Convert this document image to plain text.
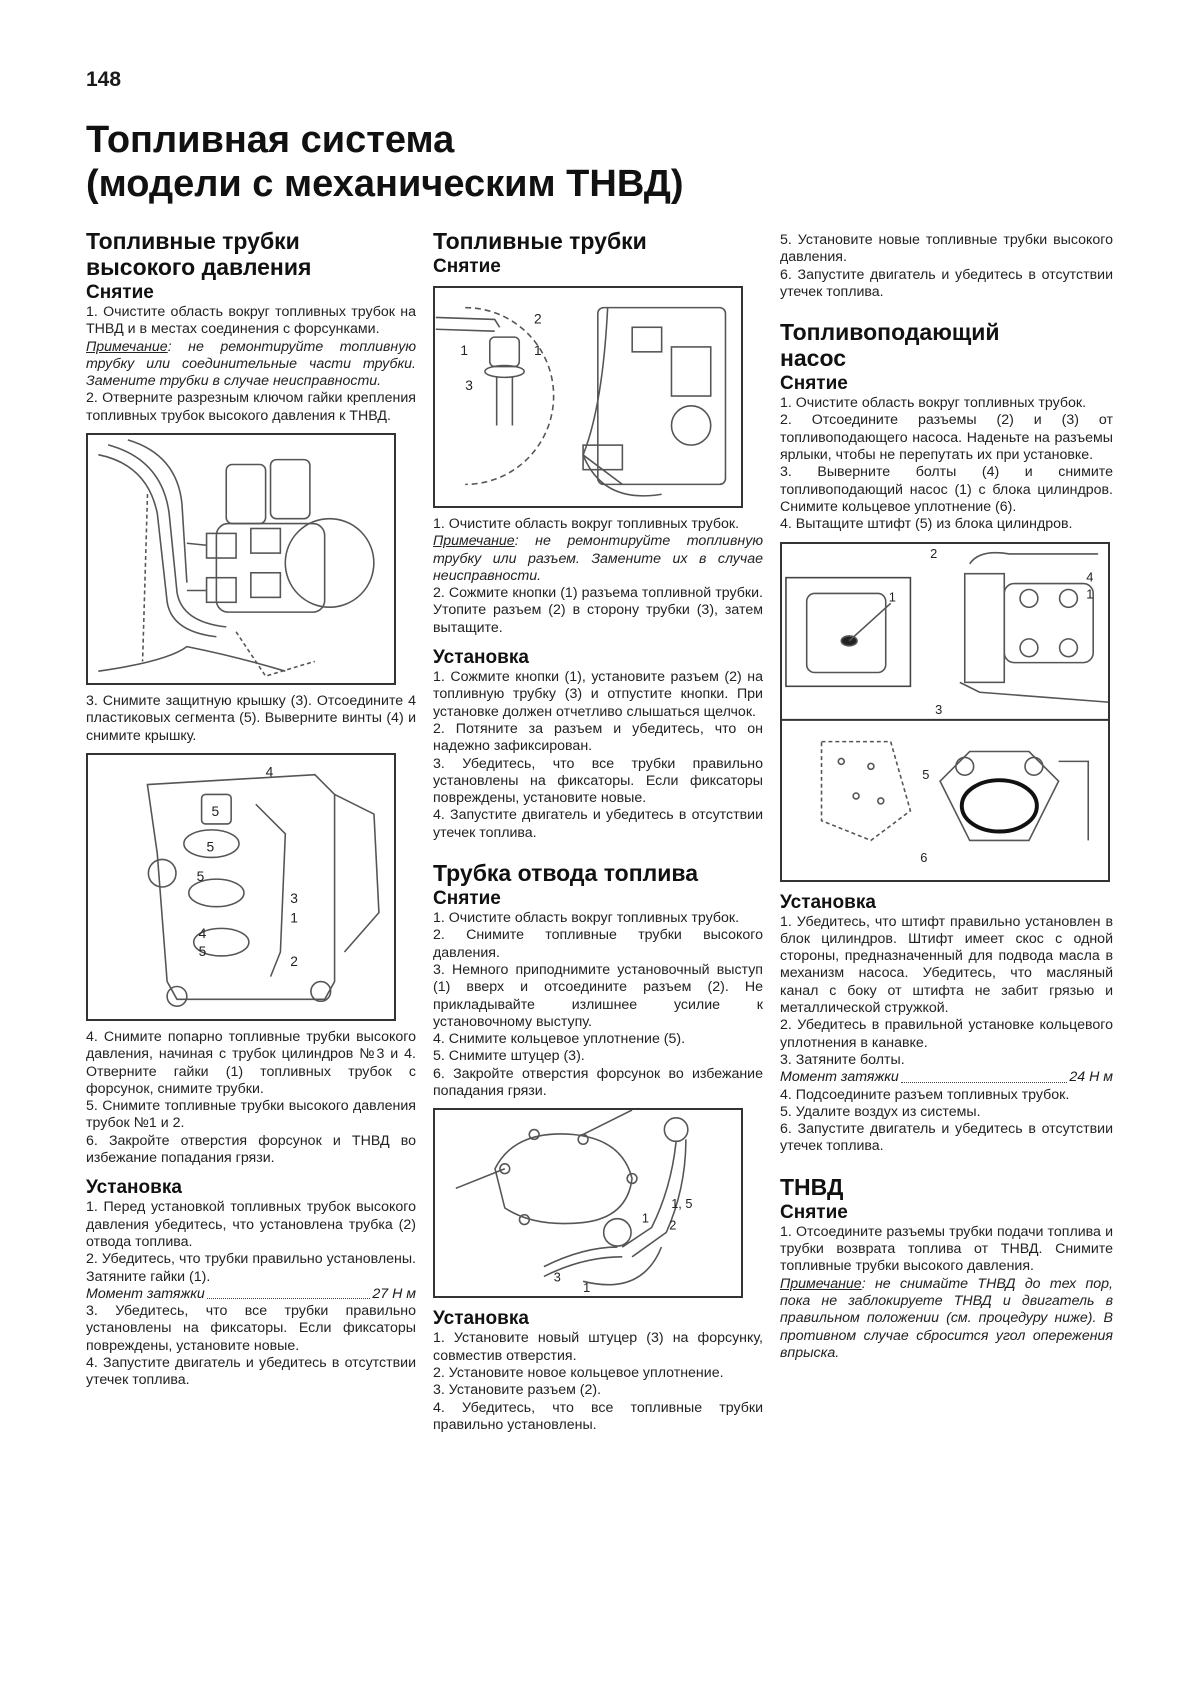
148
Топливная система
(модели с механическим ТНВД)
Топливные трубки
высокого давления
Снятие

1. Очистите область вокруг топливных трубок на ТНВД и в местах соединения с форсунками.

Примечание: не ремонтируйте топливную трубку или соединительные части трубки. Замените трубки в случае неисправности.

2. Отверните разрезным ключом гайки крепления топливных трубок высокого давления к ТНВД.

3. Снимите защитную крышку (3). Отсоедините 4 пластиковых сегмента (5). Выверните винты (4) и снимите крышку.

4
5
5
5
3
1
4
5
2

4. Снимите попарно топливные трубки высокого давления, начиная с трубок цилиндров №3 и 4. Отверните гайки (1) топливных трубок с форсунок, снимите трубки.

5. Снимите топливные трубки высокого давления трубок №1 и 2.

6. Закройте отверстия форсунок и ТНВД во избежание попадания грязи.

Установка

1. Перед установкой топливных трубок высокого давления убедитесь, что установлена трубка (2) отвода топлива.

2. Убедитесь, что трубки правильно установлены. Затяните гайки (1).

Момент затяжки	27 Н м

3. Убедитесь, что все трубки правильно установлены на фиксаторы. Если фиксаторы повреждены, установите новые.

4. Запустите двигатель и убедитесь в отсутствии утечек топлива.

Топливные трубки
Снятие
2
1	1
3

1. Очистите область вокруг топливных трубок.

Примечание: не ремонтируйте топливную трубку или разъем. Замените их в случае неисправности.

2. Сожмите кнопки (1) разъема топливной трубки. Утопите разъем (2) в сторону трубки (3), затем вытащите.

Установка

1. Сожмите кнопки (1), установите разъем (2) на топливную трубку (3) и отпустите кнопки. При установке должен отчетливо слышаться щелчок.

2. Потяните за разъем и убедитесь, что он надежно зафиксирован.

3. Убедитесь, что все трубки правильно установлены на фиксаторы. Если фиксаторы повреждены, установите новые.

4. Запустите двигатель и убедитесь в отсутствии утечек топлива.

Трубка отвода топлива
Снятие

1. Очистите область вокруг топливных трубок.

2. Снимите топливные трубки высокого давления.

3. Немного приподнимите установочный выступ (1) вверх и отсоедините разъем (2). Не прикладывайте излишнее усилие к установочному выступу.

4. Снимите кольцевое уплотнение (5).

5. Снимите штуцер (3).

6. Закройте отверстия форсунок во избежание попадания грязи.

1, 5
1 2
3
1
Установка

1. Установите новый штуцер (3) на форсунку, совместив отверстия.

2. Установите новое кольцевое уплотнение.

3. Установите разъем (2).

4. Убедитесь, что все топливные трубки правильно установлены.

5. Установите новые топливные трубки высокого давления.

6. Запустите двигатель и убедитесь в отсутствии утечек топлива.

Топливоподающий
насос
Снятие

1. Очистите область вокруг топливных трубок.

2. Отсоедините разъемы (2) и (3) от топливоподающего насоса. Наденьте на разъемы ярлыки, чтобы не перепутать их при установке.

3. Выверните болты (4) и снимите топливоподающий насос (1) с блока цилиндров. Снимите кольцевое уплотнение (6).

4. Вытащите штифт (5) из блока цилиндров.

2
4
1	1
3
5
6
Установка

1. Убедитесь, что штифт правильно установлен в блок цилиндров. Штифт имеет скос с одной стороны, предназначенный для подвода масла в механизм насоса. Убедитесь, что масляный канал с боку от штифта не забит грязью и металлической стружкой.

2. Убедитесь в правильной установке кольцевого уплотнения в канавке.

3. Затяните болты.

Момент затяжки	24 Н м

4. Подсоедините разъем топливных трубок.

5. Удалите воздух из системы.

6. Запустите двигатель и убедитесь в отсутствии утечек топлива.

ТНВД
Снятие

1. Отсоедините разъемы трубки подачи топлива и трубки возврата топлива от ТНВД. Снимите топливные трубки высокого давления.

Примечание: не снимайте ТНВД до тех пор, пока не заблокируете ТНВД и двигатель в правильном положении (см. процедуру ниже). В противном случае сбросится угол опережения впрыска.
